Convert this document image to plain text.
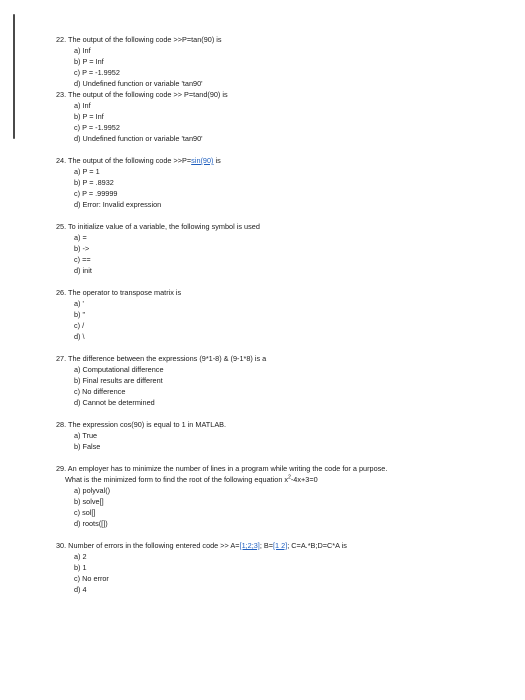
22. The output of the following code >>P=tan(90) is
a) Inf
b) P = Inf
c) P = -1.9952
d) Undefined function or variable 'tan90'
23. The output of the following code >> P=tand(90) is
a) Inf
b) P = Inf
c) P = -1.9952
d) Undefined function or variable 'tan90'
24. The output of the following code >>P=sin(90) is
a) P = 1
b) P = .8932
c) P = .99999
d) Error: Invalid expression
25. To initialize value of a variable, the following symbol is used
a) =
b) ->
c) ==
d) init
26. The operator to transpose matrix is
a) '
b) "
c) /
d) \
27. The difference between the expressions (9*1-8) & (9-1*8) is a
a) Computational difference
b) Final results are different
c) No difference
d) Cannot be determined
28. The expression cos(90) is equal to 1 in MATLAB.
a) True
b) False
29. An employer has to minimize the number of lines in a program while writing the code for a purpose.
What is the minimized form to find the root of the following equation $x^2-4x+3=0$
a) polyval()
b) solve[]
c) sol[]
d) roots([])
30. Number of errors in the following entered code >> A=[1;2;3]; B=[1 2]; C=A.*B;D=C*A is
a) 2
b) 1
c) No error
d) 4
